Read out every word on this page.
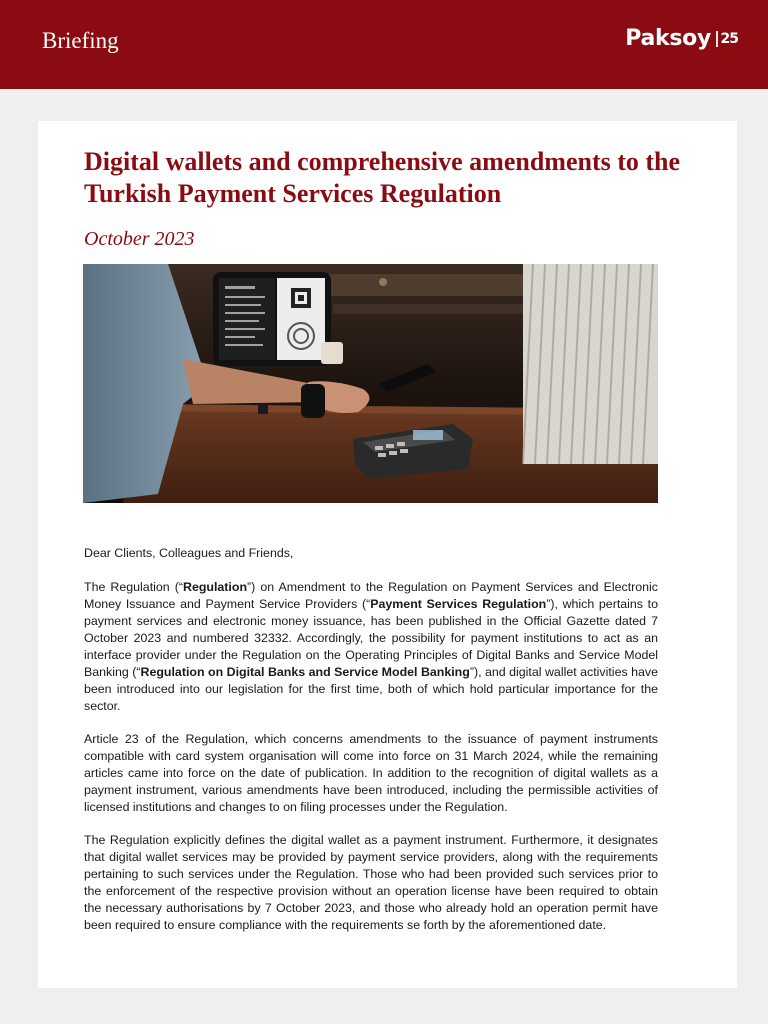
Briefing	Paksoy 25
Digital wallets and comprehensive amendments to the Turkish Payment Services Regulation
October 2023

Dear Clients, Colleagues and Friends,

The Regulation (“Regulation”) on Amendment to the Regulation on Payment Services and Electronic Money Issuance and Payment Service Providers (“Payment Services Regulation”), which pertains to payment services and electronic money issuance, has been published in the Official Gazette dated 7 October 2023 and numbered 32332. Accordingly, the possibility for payment institutions to act as an interface provider under the Regulation on the Operating Principles of Digital Banks and Service Model Banking (“Regulation on Digital Banks and Service Model Banking”), and digital wallet activities have been introduced into our legislation for the first time, both of which hold particular importance for the sector.

Article 23 of the Regulation, which concerns amendments to the issuance of payment instruments compatible with card system organisation will come into force on 31 March 2024, while the remaining articles came into force on the date of publication. In addition to the recognition of digital wallets as a payment instrument, various amendments have been introduced, including the permissible activities of licensed institutions and changes to on filing processes under the Regulation.

The Regulation explicitly defines the digital wallet as a payment instrument. Furthermore, it designates that digital wallet services may be provided by payment service providers, along with the requirements pertaining to such services under the Regulation. Those who had been provided such services prior to the enforcement of the respective provision without an operation license have been required to obtain the necessary authorisations by 7 October 2023, and those who already hold an operation permit have been required to ensure compliance with the requirements se forth by the aforementioned date.
